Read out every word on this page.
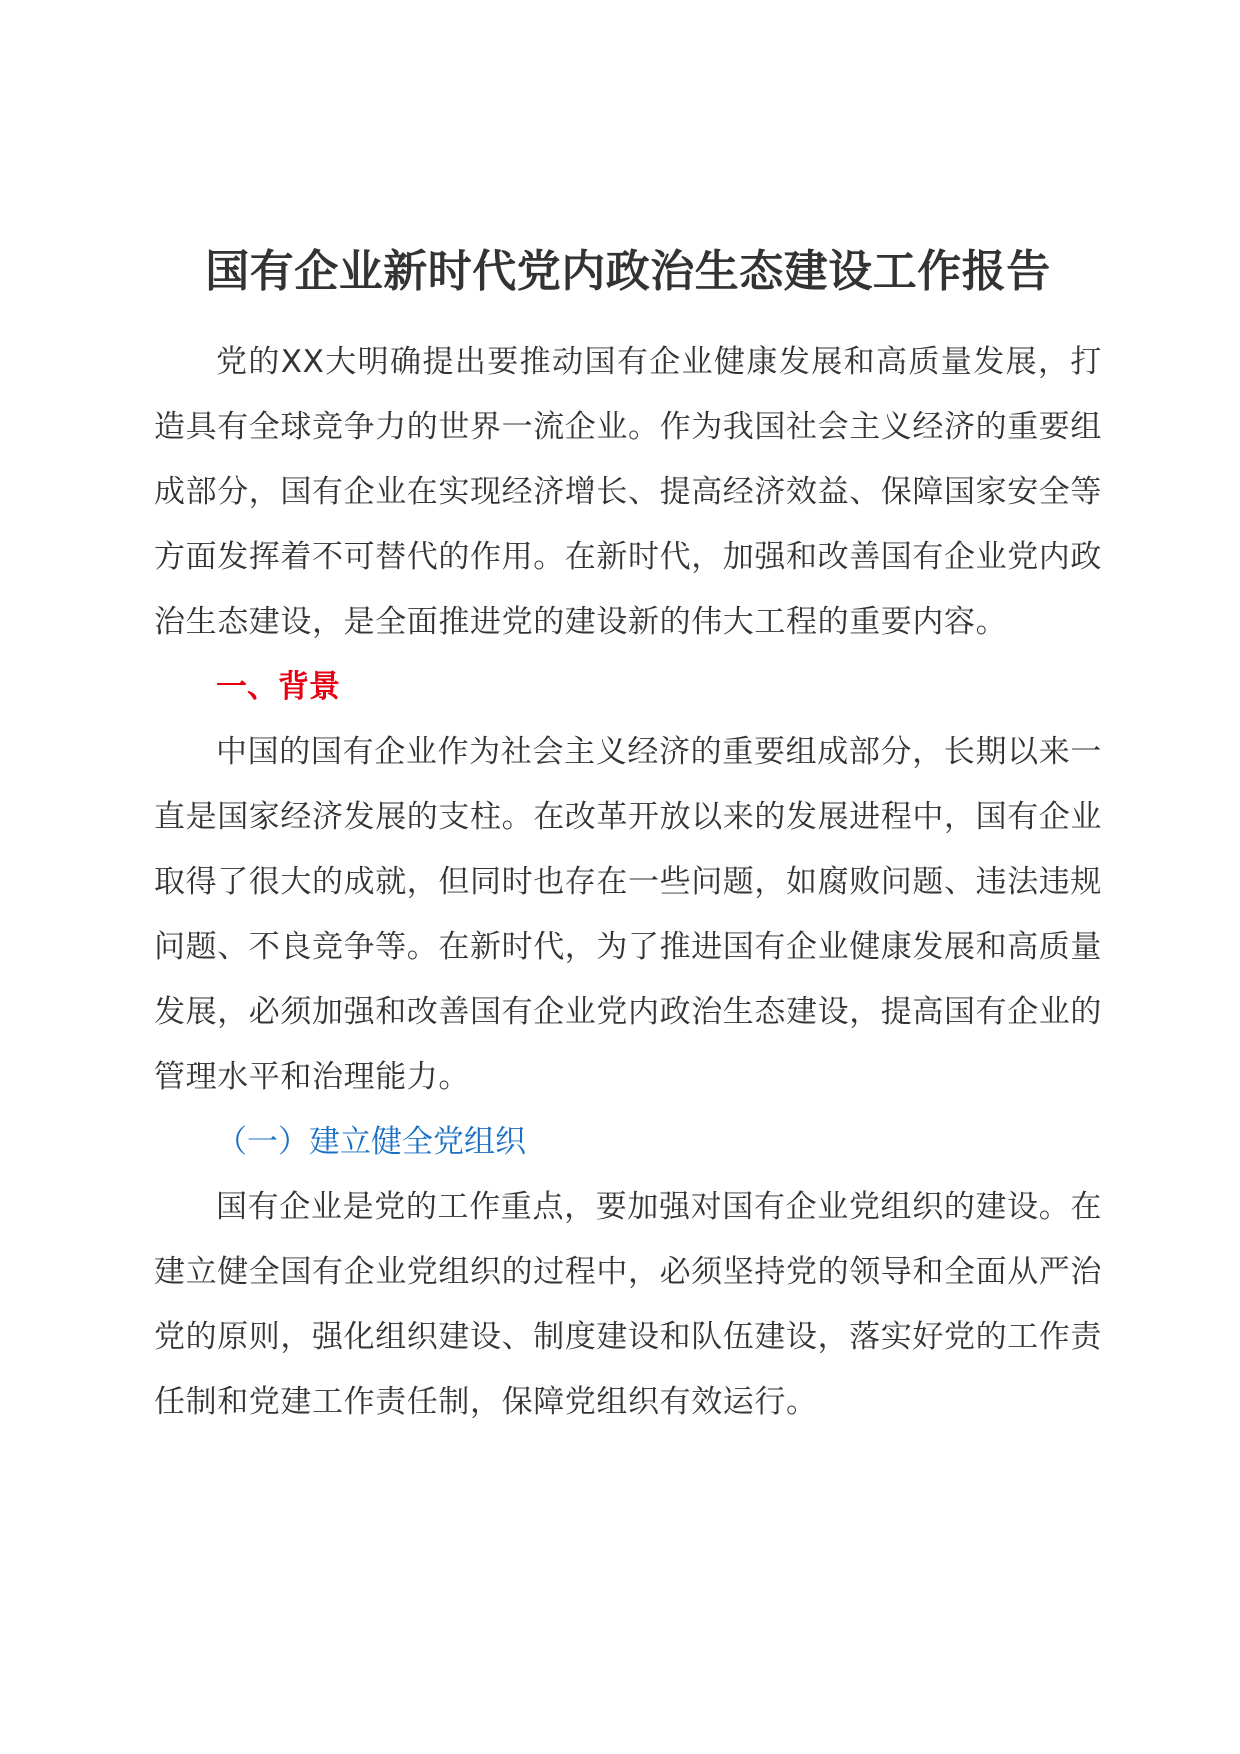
国有企业新时代党内政治生态建设工作报告

党的XX大明确提出要推动国有企业健康发展和高质量发展，打造具有全球竞争力的世界一流企业。作为我国社会主义经济的重要组成部分，国有企业在实现经济增长、提高经济效益、保障国家安全等方面发挥着不可替代的作用。在新时代，加强和改善国有企业党内政治生态建设，是全面推进党的建设新的伟大工程的重要内容。

一、背景

中国的国有企业作为社会主义经济的重要组成部分，长期以来一直是国家经济发展的支柱。在改革开放以来的发展进程中，国有企业取得了很大的成就，但同时也存在一些问题，如腐败问题、违法违规问题、不良竞争等。在新时代，为了推进国有企业健康发展和高质量发展，必须加强和改善国有企业党内政治生态建设，提高国有企业的管理水平和治理能力。

（一）建立健全党组织

国有企业是党的工作重点，要加强对国有企业党组织的建设。在建立健全国有企业党组织的过程中，必须坚持党的领导和全面从严治党的原则，强化组织建设、制度建设和队伍建设，落实好党的工作责任制和党建工作责任制，保障党组织有效运行。
